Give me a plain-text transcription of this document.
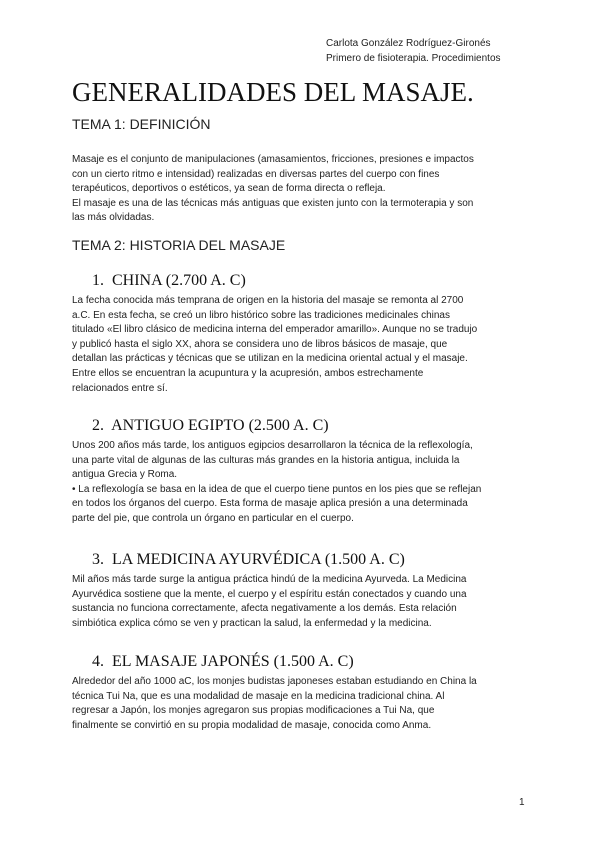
Carlota González Rodríguez-Gironés
Primero de fisioterapia. Procedimientos
GENERALIDADES DEL MASAJE.
TEMA 1: DEFINICIÓN
Masaje es el conjunto de manipulaciones (amasamientos, fricciones, presiones e impactos
con un cierto ritmo e intensidad) realizadas en diversas partes del cuerpo con fines
terapéuticos, deportivos o estéticos, ya sean de forma directa o refleja.
El masaje es una de las técnicas más antiguas que existen junto con la termoterapia y son
las más olvidadas.
TEMA 2: HISTORIA DEL MASAJE
1. CHINA (2.700 A. C)
La fecha conocida más temprana de origen en la historia del masaje se remonta al 2700
a.C. En esta fecha, se creó un libro histórico sobre las tradiciones medicinales chinas
titulado «El libro clásico de medicina interna del emperador amarillo». Aunque no se tradujo
y publicó hasta el siglo XX, ahora se considera uno de libros básicos de masaje, que
detallan las prácticas y técnicas que se utilizan en la medicina oriental actual y el masaje.
Entre ellos se encuentran la acupuntura y la acupresión, ambos estrechamente
relacionados entre sí.
2. ANTIGUO EGIPTO (2.500 A. C)
Unos 200 años más tarde, los antiguos egipcios desarrollaron la técnica de la reflexología,
una parte vital de algunas de las culturas más grandes en la historia antigua, incluida la
antigua Grecia y Roma.
• La reflexología se basa en la idea de que el cuerpo tiene puntos en los pies que se reflejan
en todos los órganos del cuerpo. Esta forma de masaje aplica presión a una determinada
parte del pie, que controla un órgano en particular en el cuerpo.
3. LA MEDICINA AYURVÉDICA (1.500 A. C)
Mil años más tarde surge la antigua práctica hindú de la medicina Ayurveda. La Medicina
Ayurvédica sostiene que la mente, el cuerpo y el espíritu están conectados y cuando una
sustancia no funciona correctamente, afecta negativamente a los demás. Esta relación
simbiótica explica cómo se ven y practican la salud, la enfermedad y la medicina.
4. EL MASAJE JAPONÉS (1.500 A. C)
Alrededor del año 1000 aC, los monjes budistas japoneses estaban estudiando en China la
técnica Tui Na, que es una modalidad de masaje en la medicina tradicional china. Al
regresar a Japón, los monjes agregaron sus propias modificaciones a Tui Na, que
finalmente se convirtió en su propia modalidad de masaje, conocida como Anma.
1
